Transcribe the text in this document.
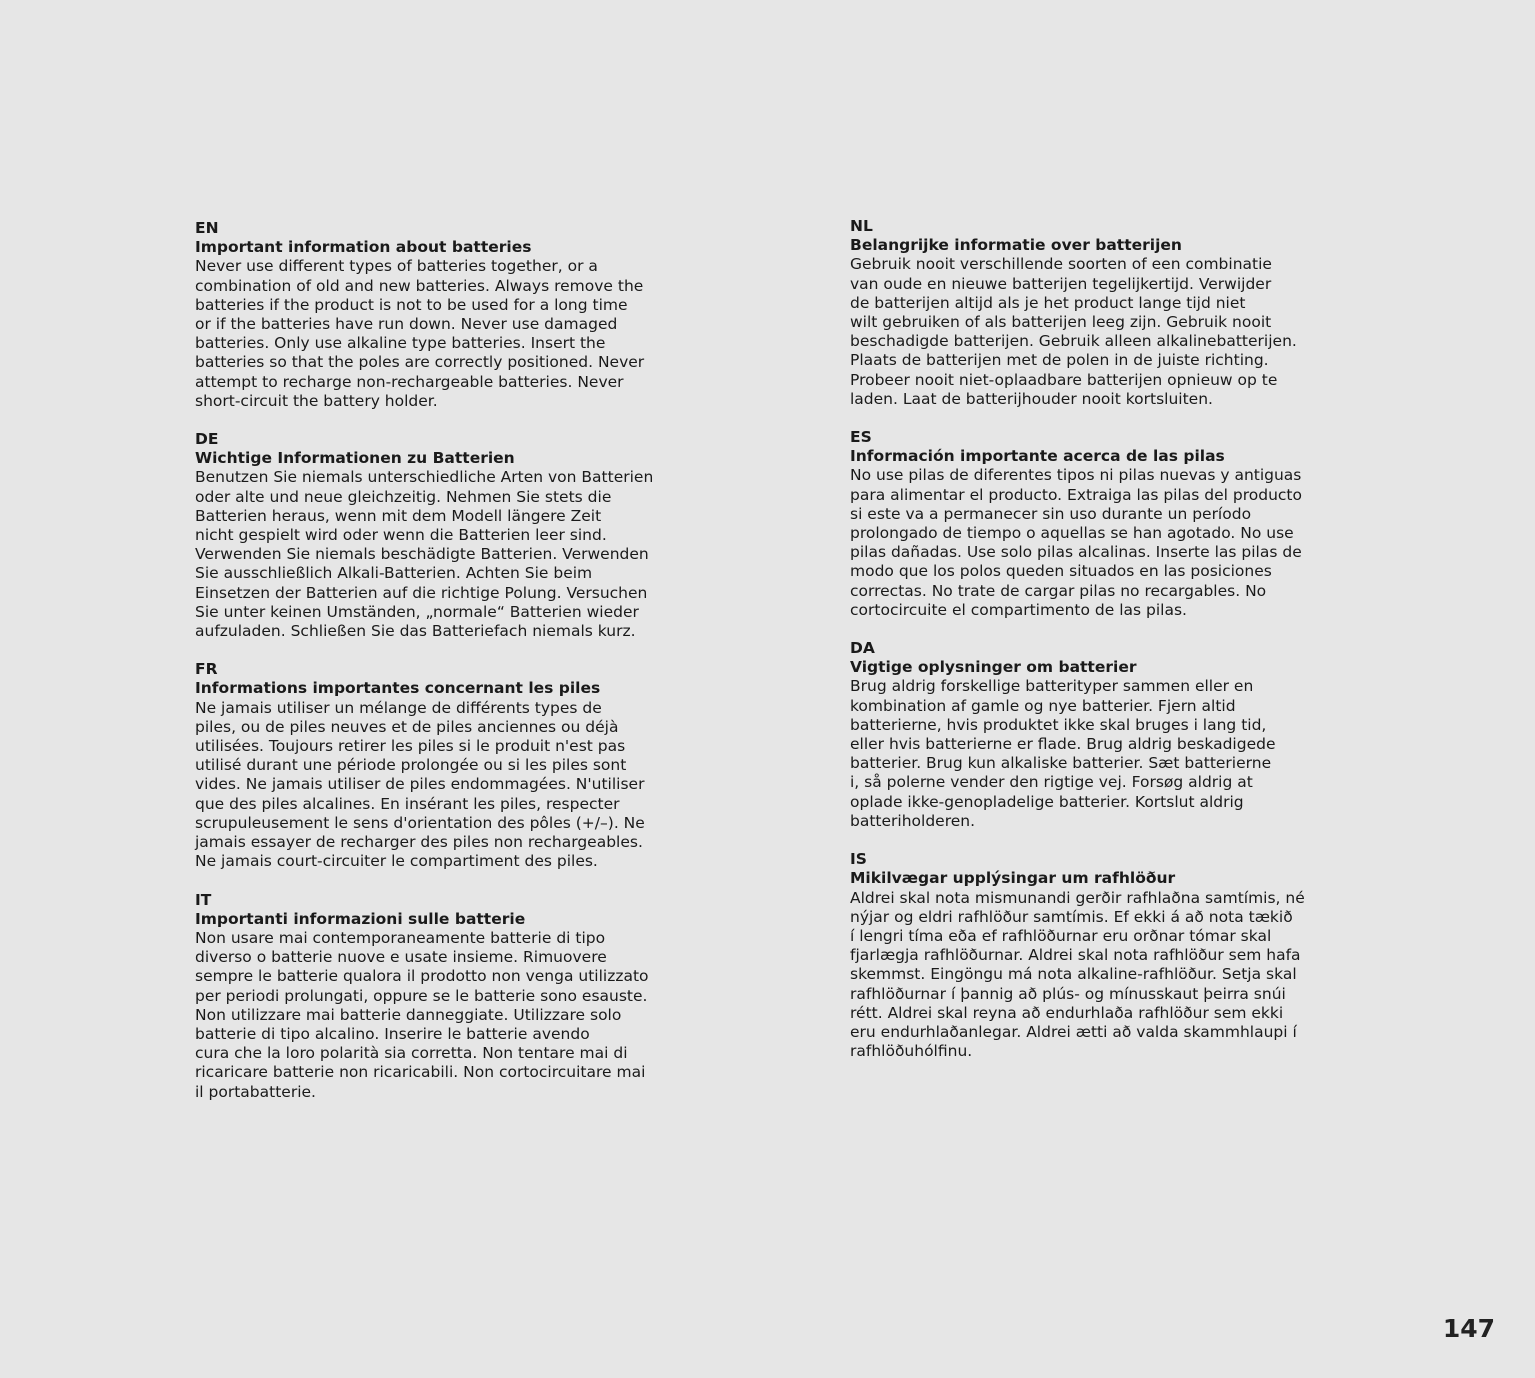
EN
Important information about batteries
Never use different types of batteries together, or a
combination of old and new batteries. Always remove the
batteries if the product is not to be used for a long time
or if the batteries have run down. Never use damaged
batteries. Only use alkaline type batteries. Insert the
batteries so that the poles are correctly positioned. Never
attempt to recharge non-rechargeable batteries. Never
short-circuit the battery holder.
DE
Wichtige Informationen zu Batterien
Benutzen Sie niemals unterschiedliche Arten von Batterien
oder alte und neue gleichzeitig. Nehmen Sie stets die
Batterien heraus, wenn mit dem Modell längere Zeit
nicht gespielt wird oder wenn die Batterien leer sind.
Verwenden Sie niemals beschädigte Batterien. Verwenden
Sie ausschließlich Alkali-Batterien. Achten Sie beim
Einsetzen der Batterien auf die richtige Polung. Versuchen
Sie unter keinen Umständen, „normale“ Batterien wieder
aufzuladen. Schließen Sie das Batteriefach niemals kurz.
FR
Informations importantes concernant les piles
Ne jamais utiliser un mélange de différents types de
piles, ou de piles neuves et de piles anciennes ou déjà
utilisées. Toujours retirer les piles si le produit n'est pas
utilisé durant une période prolongée ou si les piles sont
vides. Ne jamais utiliser de piles endommagées. N'utiliser
que des piles alcalines. En insérant les piles, respecter
scrupuleusement le sens d'orientation des pôles (+/–). Ne
jamais essayer de recharger des piles non rechargeables.
Ne jamais court-circuiter le compartiment des piles.
IT
Importanti informazioni sulle batterie
Non usare mai contemporaneamente batterie di tipo
diverso o batterie nuove e usate insieme. Rimuovere
sempre le batterie qualora il prodotto non venga utilizzato
per periodi prolungati, oppure se le batterie sono esauste.
Non utilizzare mai batterie danneggiate. Utilizzare solo
batterie di tipo alcalino. Inserire le batterie avendo
cura che la loro polarità sia corretta. Non tentare mai di
ricaricare batterie non ricaricabili. Non cortocircuitare mai
il portabatterie.
NL
Belangrijke informatie over batterijen
Gebruik nooit verschillende soorten of een combinatie
van oude en nieuwe batterijen tegelijkertijd. Verwijder
de batterijen altijd als je het product lange tijd niet
wilt gebruiken of als batterijen leeg zijn. Gebruik nooit
beschadigde batterijen. Gebruik alleen alkalinebatterijen.
Plaats de batterijen met de polen in de juiste richting.
Probeer nooit niet-oplaadbare batterijen opnieuw op te
laden. Laat de batterijhouder nooit kortsluiten.
ES
Información importante acerca de las pilas
No use pilas de diferentes tipos ni pilas nuevas y antiguas
para alimentar el producto. Extraiga las pilas del producto
si este va a permanecer sin uso durante un período
prolongado de tiempo o aquellas se han agotado. No use
pilas dañadas. Use solo pilas alcalinas. Inserte las pilas de
modo que los polos queden situados en las posiciones
correctas. No trate de cargar pilas no recargables. No
cortocircuite el compartimento de las pilas.
DA
Vigtige oplysninger om batterier
Brug aldrig forskellige batterityper sammen eller en
kombination af gamle og nye batterier. Fjern altid
batterierne, hvis produktet ikke skal bruges i lang tid,
eller hvis batterierne er flade. Brug aldrig beskadigede
batterier. Brug kun alkaliske batterier. Sæt batterierne
i, så polerne vender den rigtige vej. Forsøg aldrig at
oplade ikke-genopladelige batterier. Kortslut aldrig
batteriholderen.
IS
Mikilvægar upplýsingar um rafhlöður
Aldrei skal nota mismunandi gerðir rafhlaðna samtímis, né
nýjar og eldri rafhlöður samtímis. Ef ekki á að nota tækið
í lengri tíma eða ef rafhlöðurnar eru orðnar tómar skal
fjarlægja rafhlöðurnar. Aldrei skal nota rafhlöður sem hafa
skemmst. Eingöngu má nota alkaline-rafhlöður. Setja skal
rafhlöðurnar í þannig að plús- og mínusskaut þeirra snúi
rétt. Aldrei skal reyna að endurhlaða rafhlöður sem ekki
eru endurhlaðanlegar. Aldrei ætti að valda skammhlaupi í
rafhlöðuhólfinu.
147
